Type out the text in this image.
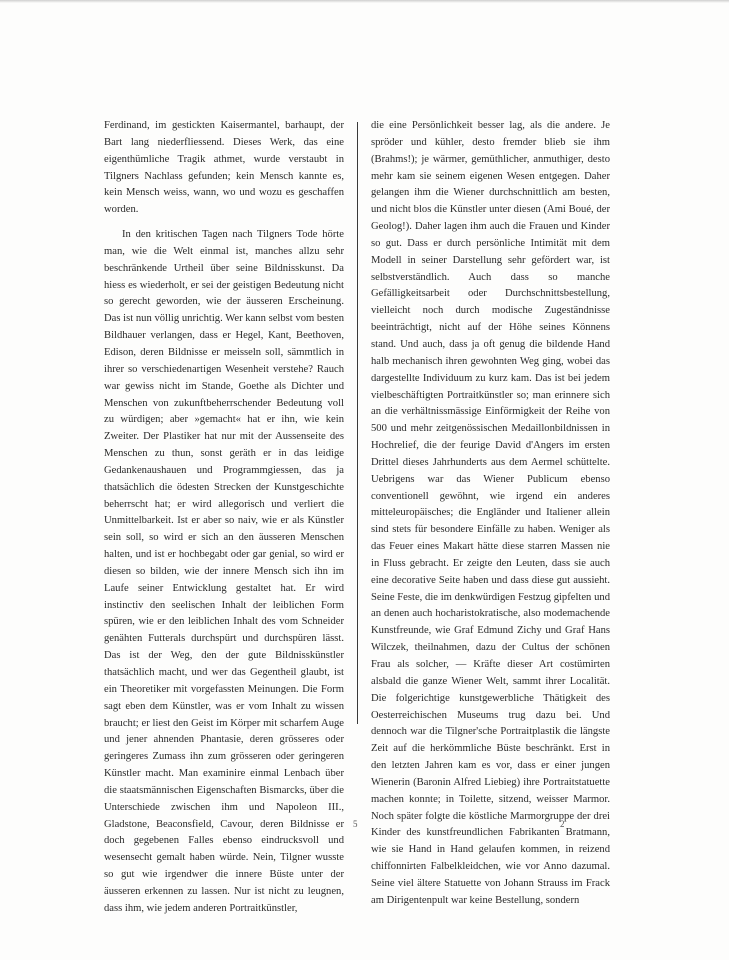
Ferdinand, im gestickten Kaisermantel, barhaupt, der Bart lang niederfliessend. Dieses Werk, das eine eigenthümliche Tragik athmet, wurde verstaubt in Tilgners Nachlass gefunden; kein Mensch kannte es, kein Mensch weiss, wann, wo und wozu es geschaffen worden.

In den kritischen Tagen nach Tilgners Tode hörte man, wie die Welt einmal ist, manches allzu sehr beschränkende Urtheil über seine Bildnisskunst. Da hiess es wiederholt, er sei der geistigen Bedeutung nicht so gerecht geworden, wie der äusseren Erscheinung. Das ist nun völlig unrichtig. Wer kann selbst vom besten Bildhauer verlangen, dass er Hegel, Kant, Beethoven, Edison, deren Bildnisse er meisseln soll, sämmtlich in ihrer so verschiedenartigen Wesenheit verstehe? Rauch war gewiss nicht im Stande, Goethe als Dichter und Menschen von zukunftbeherrschender Bedeutung voll zu würdigen; aber »gemacht« hat er ihn, wie kein Zweiter. Der Plastiker hat nur mit der Aussenseite des Menschen zu thun, sonst geräth er in das leidige Gedankenaushauen und Programmgiessen, das ja thatsächlich die ödesten Strecken der Kunstgeschichte beherrscht hat; er wird allegorisch und verliert die Unmittelbarkeit. Ist er aber so naiv, wie er als Künstler sein soll, so wird er sich an den äusseren Menschen halten, und ist er hochbegabt oder gar genial, so wird er diesen so bilden, wie der innere Mensch sich ihn im Laufe seiner Entwicklung gestaltet hat. Er wird instinctiv den seelischen Inhalt der leiblichen Form spüren, wie er den leiblichen Inhalt des vom Schneider genähten Futterals durchspürt und durchspüren lässt. Das ist der Weg, den der gute Bildnisskünstler thatsächlich macht, und wer das Gegentheil glaubt, ist ein Theoretiker mit vorgefassten Meinungen. Die Form sagt eben dem Künstler, was er vom Inhalt zu wissen braucht; er liest den Geist im Körper mit scharfem Auge und jener ahnenden Phantasie, deren grösseres oder geringeres Zumass ihn zum grösseren oder geringeren Künstler macht. Man examinire einmal Lenbach über die staatsmännischen Eigenschaften Bismarcks, über die Unterschiede zwischen ihm und Napoleon III., Gladstone, Beaconsfield, Cavour, deren Bildnisse er doch gegebenen Falles ebenso eindrucksvoll und wesensecht gemalt haben würde. Nein, Tilgner wusste so gut wie irgendwer die innere Büste unter der äusseren erkennen zu lassen. Nur ist nicht zu leugnen, dass ihm, wie jedem anderen Portraitkünstler,

die eine Persönlichkeit besser lag, als die andere. Je spröder und kühler, desto fremder blieb sie ihm (Brahms!); je wärmer, gemüthlicher, anmuthiger, desto mehr kam sie seinem eigenen Wesen entgegen. Daher gelangen ihm die Wiener durchschnittlich am besten, und nicht blos die Künstler unter diesen (Ami Boué, der Geolog!). Daher lagen ihm auch die Frauen und Kinder so gut. Dass er durch persönliche Intimität mit dem Modell in seiner Darstellung sehr gefördert war, ist selbstverständlich. Auch dass so manche Gefälligkeitsarbeit oder Durchschnittsbestellung, vielleicht noch durch modische Zugeständnisse beeinträchtigt, nicht auf der Höhe seines Könnens stand. Und auch, dass ja oft genug die bildende Hand halb mechanisch ihren gewohnten Weg ging, wobei das dargestellte Individuum zu kurz kam. Das ist bei jedem vielbeschäftigten Portraitkünstler so; man erinnere sich an die verhältnissmässige Einförmigkeit der Reihe von 500 und mehr zeitgenössischen Medaillonbildnissen in Hochrelief, die der feurige David d'Angers im ersten Drittel dieses Jahrhunderts aus dem Aermel schüttelte. Uebrigens war das Wiener Publicum ebenso conventionell gewöhnt, wie irgend ein anderes mitteleuropäisches; die Engländer und Italiener allein sind stets für besondere Einfälle zu haben. Weniger als das Feuer eines Makart hätte diese starren Massen nie in Fluss gebracht. Er zeigte den Leuten, dass sie auch eine decorative Seite haben und dass diese gut aussieht. Seine Feste, die im denkwürdigen Festzug gipfelten und an denen auch hocharistokratische, also modemachende Kunstfreunde, wie Graf Edmund Zichy und Graf Hans Wilczek, theilnahmen, dazu der Cultus der schönen Frau als solcher, — Kräfte dieser Art costümirten alsbald die ganze Wiener Welt, sammt ihrer Localität. Die folgerichtige kunstgewerbliche Thätigkeit des Oesterreichischen Museums trug dazu bei. Und dennoch war die Tilgner'sche Portraitplastik die längste Zeit auf die herkömmliche Büste beschränkt. Erst in den letzten Jahren kam es vor, dass er einer jungen Wienerin (Baronin Alfred Liebieg) ihre Portraitstatuette machen konnte; in Toilette, sitzend, weisser Marmor. Noch später folgte die köstliche Marmorgruppe der drei Kinder des kunstfreundlichen Fabrikanten Bratmann, wie sie Hand in Hand gelaufen kommen, in reizend chiffonnirten Falbelkleidchen, wie vor Anno dazumal. Seine viel ältere Statuette von Johann Strauss im Frack am Dirigentenpult war keine Bestellung, sondern

5	2
